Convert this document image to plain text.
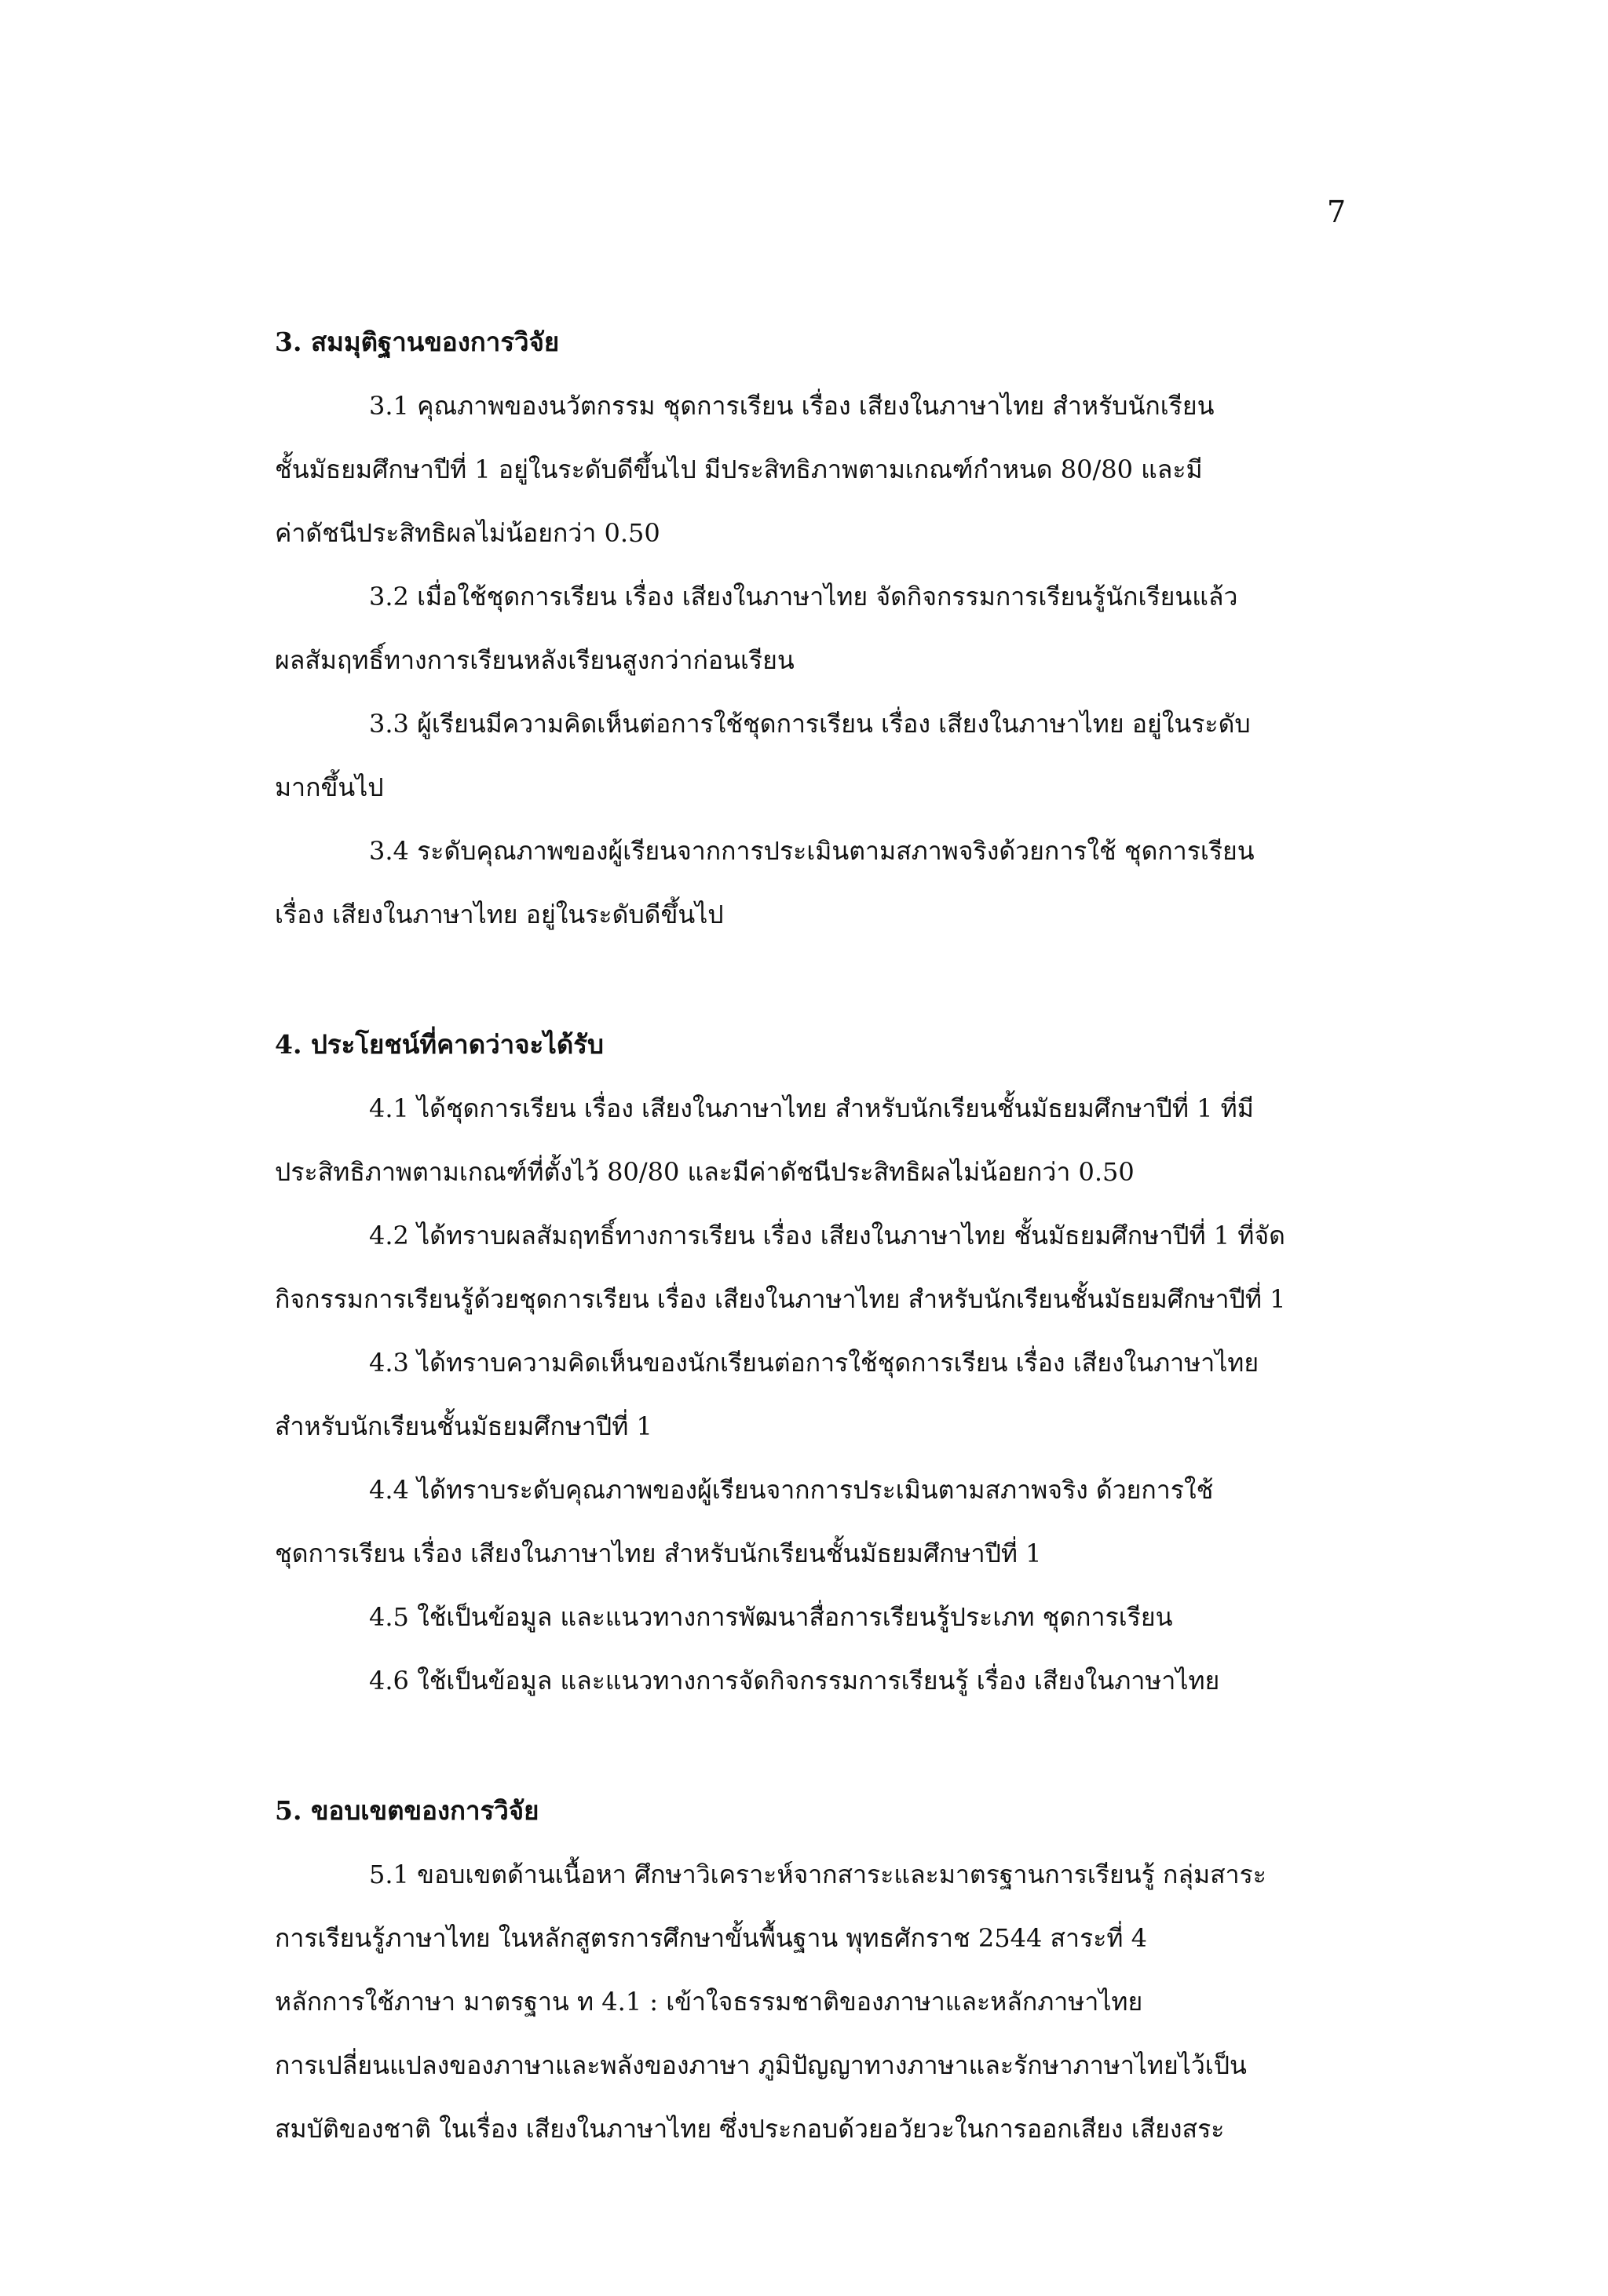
7

3. สมมุติฐานของการวิจัย

3.1 คุณภาพของนวัตกรรม ชุดการเรียน เรื่อง เสียงในภาษาไทย สำหรับนักเรียน
ชั้นมัธยมศึกษาปีที่ 1 อยู่ในระดับดีขึ้นไป มีประสิทธิภาพตามเกณฑ์กำหนด 80/80 และมี
ค่าดัชนีประสิทธิผลไม่น้อยกว่า 0.50

3.2 เมื่อใช้ชุดการเรียน เรื่อง เสียงในภาษาไทย จัดกิจกรรมการเรียนรู้นักเรียนแล้ว
ผลสัมฤทธิ์ทางการเรียนหลังเรียนสูงกว่าก่อนเรียน

3.3 ผู้เรียนมีความคิดเห็นต่อการใช้ชุดการเรียน เรื่อง เสียงในภาษาไทย อยู่ในระดับ
มากขึ้นไป

3.4 ระดับคุณภาพของผู้เรียนจากการประเมินตามสภาพจริงด้วยการใช้ ชุดการเรียน
เรื่อง เสียงในภาษาไทย อยู่ในระดับดีขึ้นไป

4. ประโยชน์ที่คาดว่าจะได้รับ

4.1 ได้ชุดการเรียน เรื่อง เสียงในภาษาไทย สำหรับนักเรียนชั้นมัธยมศึกษาปีที่ 1 ที่มี
ประสิทธิภาพตามเกณฑ์ที่ตั้งไว้ 80/80 และมีค่าดัชนีประสิทธิผลไม่น้อยกว่า 0.50

4.2 ได้ทราบผลสัมฤทธิ์ทางการเรียน เรื่อง เสียงในภาษาไทย ชั้นมัธยมศึกษาปีที่ 1 ที่จัด
กิจกรรมการเรียนรู้ด้วยชุดการเรียน เรื่อง เสียงในภาษาไทย สำหรับนักเรียนชั้นมัธยมศึกษาปีที่ 1

4.3 ได้ทราบความคิดเห็นของนักเรียนต่อการใช้ชุดการเรียน เรื่อง เสียงในภาษาไทย
สำหรับนักเรียนชั้นมัธยมศึกษาปีที่ 1

4.4 ได้ทราบระดับคุณภาพของผู้เรียนจากการประเมินตามสภาพจริง ด้วยการใช้
ชุดการเรียน เรื่อง เสียงในภาษาไทย สำหรับนักเรียนชั้นมัธยมศึกษาปีที่ 1

4.5 ใช้เป็นข้อมูล และแนวทางการพัฒนาสื่อการเรียนรู้ประเภท ชุดการเรียน

4.6 ใช้เป็นข้อมูล และแนวทางการจัดกิจกรรมการเรียนรู้ เรื่อง เสียงในภาษาไทย

5. ขอบเขตของการวิจัย

5.1 ขอบเขตด้านเนื้อหา ศึกษาวิเคราะห์จากสาระและมาตรฐานการเรียนรู้ กลุ่มสาระ
การเรียนรู้ภาษาไทย ในหลักสูตรการศึกษาขั้นพื้นฐาน พุทธศักราช 2544 สาระที่ 4
หลักการใช้ภาษา มาตรฐาน ท 4.1 : เข้าใจธรรมชาติของภาษาและหลักภาษาไทย
การเปลี่ยนแปลงของภาษาและพลังของภาษา ภูมิปัญญาทางภาษาและรักษาภาษาไทยไว้เป็น
สมบัติของชาติ ในเรื่อง เสียงในภาษาไทย ซึ่งประกอบด้วยอวัยวะในการออกเสียง เสียงสระ
